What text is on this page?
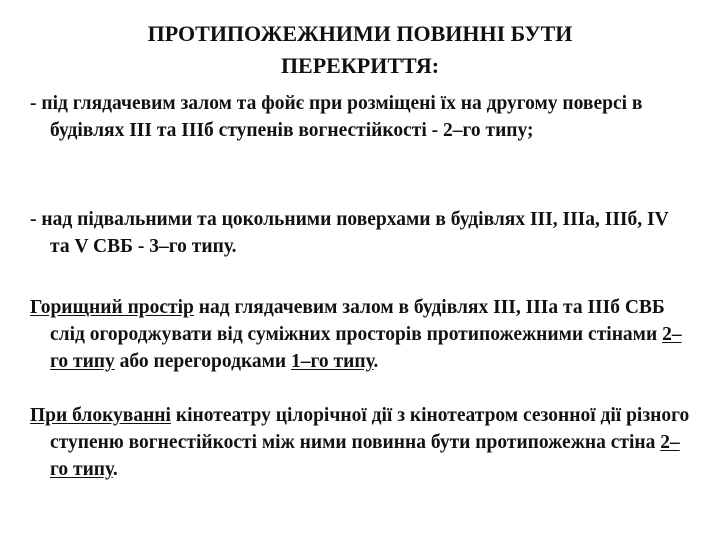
ПРОТИПОЖЕЖНИМИ ПОВИННІ БУТИ
ПЕРЕКРИТТЯ:

- під глядачевим залом та фойє при розміщені їх на другому поверсі в будівлях ІІІ та ІІІб ступенів вогнестійкості - 2–го типу;

- над підвальними та цокольними поверхами в будівлях ІІІ, ІІІа, ІІІб, IV та V СВБ - 3–го типу.

Горищний простір над глядачевим залом в будівлях ІІІ, ІІІа та ІІІб СВБ слід огороджувати від суміжних просторів протипожежними стінами 2–го типу або перегородками 1–го типу.

При блокуванні кінотеатру цілорічної дії з кінотеатром сезонної дії різного ступеню вогнестійкості між ними повинна бути протипожежна стіна 2–го типу.
